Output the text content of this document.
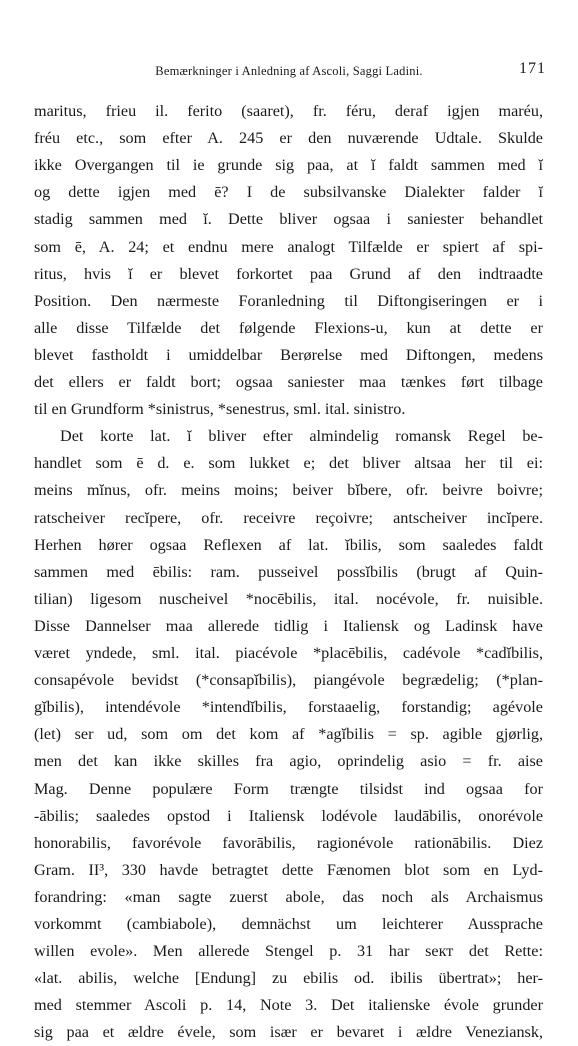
Bemærkninger i Anledning af Ascoli, Saggi Ladini.	171
maritus, frieu il. ferito (saaret), fr. féru, deraf igjen maréu,
fréu etc., som efter A. 245 er den nuværende Udtale. Skulde
ikke Overgangen til ie grunde sig paa, at ĭ faldt sammen med ĭ
og dette igjen med ē? I de subsilvanske Dialekter falder ĭ
stadig sammen med ĭ. Dette bliver ogsaa i saniester behandlet
som ē, A. 24; et endnu mere analogt Tilfælde er spiert af spi-
ritus, hvis ĭ er blevet forkortet paa Grund af den indtraadte
Position. Den nærmeste Foranledning til Diftongiseringen er i
alle disse Tilfælde det følgende Flexions-u, kun at dette er
blevet fastholdt i umiddelbar Berørelse med Diftongen, medens
det ellers er faldt bort; ogsaa saniester maa tænkes ført tilbage
til en Grundform *sinistrus, *senestrus, sml. ital. sinistro.
Det korte lat. ĭ bliver efter almindelig romansk Regel be-
handlet som ē d. e. som lukket e; det bliver altsaa her til ei:
meins mĭnus, ofr. meins moins; beiver bĭbere, ofr. beivre boivre;
ratscheiver recĭpere, ofr. receivre reçoivre; antscheiver incĭpere.
Herhen hører ogsaa Reflexen af lat. ĭbilis, som saaledes faldt
sammen med ēbilis: ram. pusseivel possĭbilis (brugt af Quin-
tilian) ligesom nuscheivel *nocēbilis, ital. nocévole, fr. nuisible.
Disse Dannelser maa allerede tidlig i Italiensk og Ladinsk have
været yndede, sml. ital. piacévole *placēbilis, cadévole *cadĭbilis,
consapévole bevidst (*consapĭbilis), piangévole begrædelig; (*plan-
gĭbilis), intendévole *intendĭbilis, forstaaelig, forstandig; agévole
(let) ser ud, som om det kom af *agĭbilis = sp. agible gjørlig,
men det kan ikke skilles fra agio, oprindelig asio = fr. aise
Mag. Denne populære Form trængte tilsidst ind ogsaa for
-ābilis; saaledes opstod i Italiensk lodévole laudābilis, onorévole
honorabilis, favorévole favorābilis, ragionévole rationābilis. Diez
Gram. II³, 330 havde betragtet dette Fænomen blot som en Lyd-
forandring: «man sagte zuerst abole, das noch als Archaismus
vorkommt (cambiabole), demnächst um leichterer Aussprache
willen evole». Men allerede Stengel p. 31 har sект det Rette:
«lat. abilis, welche [Endung] zu ebilis od. ibilis übertrat»; her-
med stemmer Ascoli p. 14, Note 3. Det italienske évole grunder
sig paa et ældre évele, som især er bevaret i ældre Veneziansk,
